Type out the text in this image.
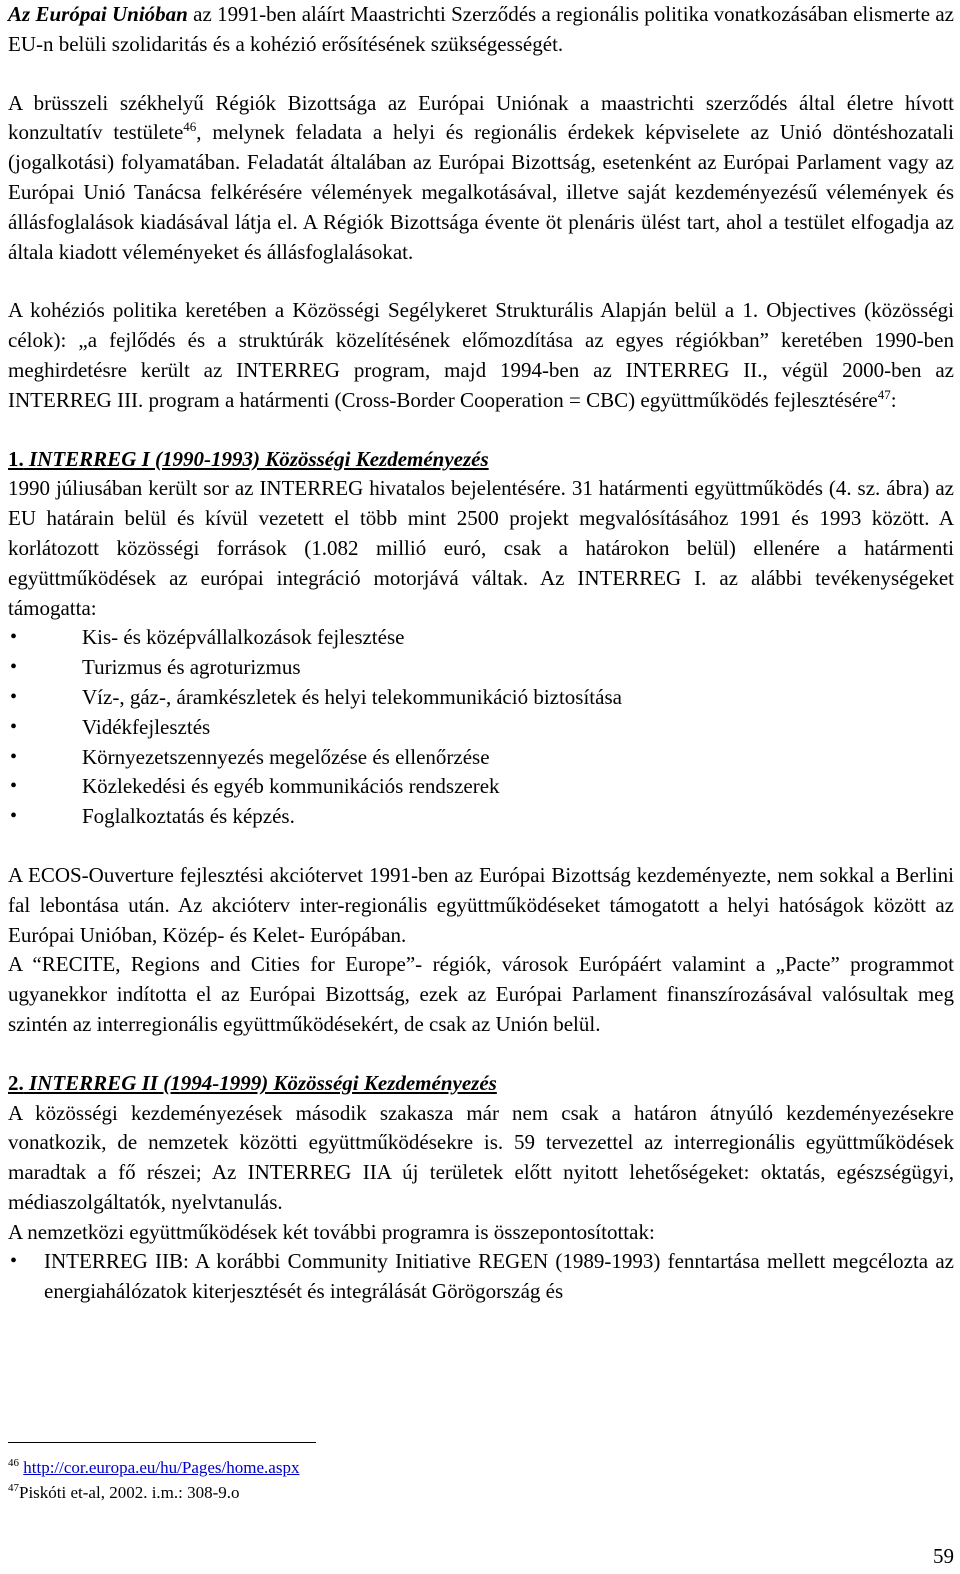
Az Európai Unióban az 1991-ben aláírt Maastrichti Szerződés a regionális politika vonatkozásában elismerte az EU-n belüli szolidaritás és a kohézió erősítésének szükségességét.

A brüsszeli székhelyű Régiók Bizottsága az Európai Uniónak a maastrichti szerződés által életre hívott konzultatív testülete$^{46}$, melynek feladata a helyi és regionális érdekek képviselete az Unió döntéshozatali (jogalkotási) folyamatában. Feladatát általában az Európai Bizottság, esetenként az Európai Parlament vagy az Európai Unió Tanácsa felkérésére vélemények megalkotásával, illetve saját kezdeményezésű vélemények és állásfoglalások kiadásával látja el. A Régiók Bizottsága évente öt plenáris ülést tart, ahol a testület elfogadja az általa kiadott véleményeket és állásfoglalásokat.

A kohéziós politika keretében a Közösségi Segélykeret Strukturális Alapján belül a 1. Objectives (közösségi célok): „a fejlődés és a struktúrák közelítésének előmozdítása az egyes régiókban” keretében 1990-ben meghirdetésre került az INTERREG program, majd 1994-ben az INTERREG II., végül 2000-ben az INTERREG III. program a határmenti (Cross-Border Cooperation = CBC) együttműködés fejlesztésére$^{47}$:

1. INTERREG I (1990-1993) Közösségi Kezdeményezés

1990 júliusában került sor az INTERREG hivatalos bejelentésére. 31 határmenti együttműködés (4. sz. ábra) az EU határain belül és kívül vezetett el több mint 2500 projekt megvalósításához 1991 és 1993 között. A korlátozott közösségi források (1.082 millió euró, csak a határokon belül) ellenére a határmenti együttműködések az európai integráció motorjává váltak. Az INTERREG I. az alábbi tevékenységeket támogatta:

• Kis- és középvállalkozások fejlesztése
• Turizmus és agroturizmus
• Víz-, gáz-, áramkészletek és helyi telekommunikáció biztosítása
• Vidékfejlesztés
• Környezetszennyezés megelőzése és ellenőrzése
• Közlekedési és egyéb kommunikációs rendszerek
• Foglalkoztatás és képzés.

A ECOS-Ouverture fejlesztési akciótervet 1991-ben az Európai Bizottság kezdeményezte, nem sokkal a Berlini fal lebontása után. Az akcióterv inter-regionális együttműködéseket támogatott a helyi hatóságok között az Európai Unióban, Közép- és Kelet- Európában.

A “RECITE, Regions and Cities for Europe”- régiók, városok Európáért valamint a „Pacte” programmot ugyanekkor indította el az Európai Bizottság, ezek az Európai Parlament finanszírozásával valósultak meg szintén az interregionális együttműködésekért, de csak az Unión belül.

2. INTERREG II (1994-1999) Közösségi Kezdeményezés

A közösségi kezdeményezések második szakasza már nem csak a határon átnyúló kezdeményezésekre vonatkozik, de nemzetek közötti együttműködésekre is. 59 tervezettel az interregionális együttműködések maradtak a fő részei; Az INTERREG IIA új területek előtt nyitott lehetőségeket: oktatás, egészségügyi, médiaszolgáltatók, nyelvtanulás.

A nemzetközi együttműködések két további programra is összepontosítottak:

• INTERREG IIB: A korábbi Community Initiative REGEN (1989-1993) fenntartása mellett megcélozta az energiahálózatok kiterjesztését és integrálását Görögország és
$^{46}$ http://cor.europa.eu/hu/Pages/home.aspx
$^{47}$Piskóti et-al, 2002. i.m.: 308-9.o
59
